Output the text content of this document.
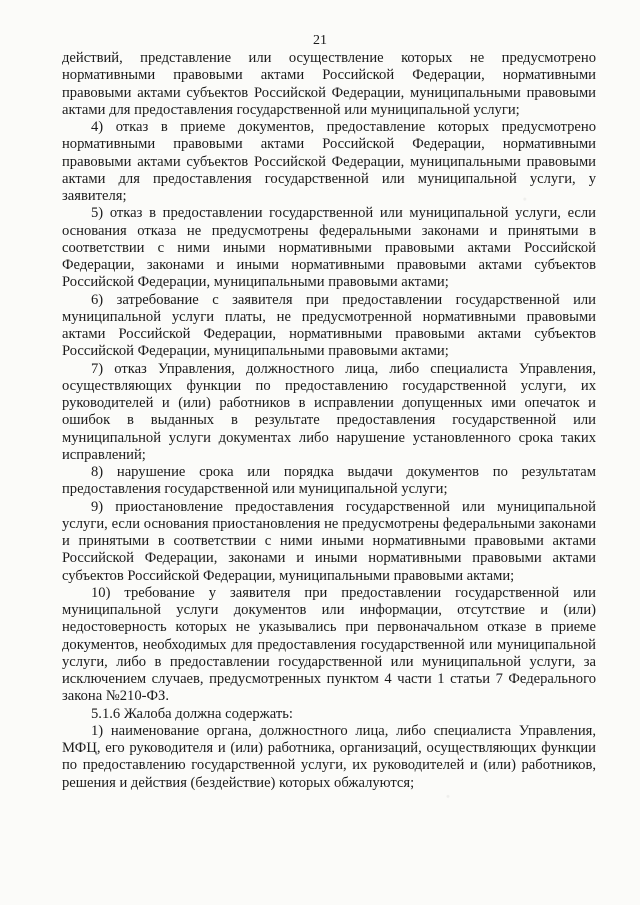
21

действий, представление или осуществление которых не предусмотрено нормативными правовыми актами Российской Федерации, нормативными правовыми актами субъектов Российской Федерации, муниципальными правовыми актами для предоставления государственной или муниципальной услуги;

4) отказ в приеме документов, предоставление которых предусмотрено нормативными правовыми актами Российской Федерации, нормативными правовыми актами субъектов Российской Федерации, муниципальными правовыми актами для предоставления государственной или муниципальной услуги, у заявителя;

5) отказ в предоставлении государственной или муниципальной услуги, если основания отказа не предусмотрены федеральными законами и принятыми в соответствии с ними иными нормативными правовыми актами Российской Федерации, законами и иными нормативными правовыми актами субъектов Российской Федерации, муниципальными правовыми актами;

6) затребование с заявителя при предоставлении государственной или муниципальной услуги платы, не предусмотренной нормативными правовыми актами Российской Федерации, нормативными правовыми актами субъектов Российской Федерации, муниципальными правовыми актами;

7) отказ Управления, должностного лица, либо специалиста Управления, осуществляющих функции по предоставлению государственной услуги, их руководителей и (или) работников в исправлении допущенных ими опечаток и ошибок в выданных в результате предоставления государственной или муниципальной услуги документах либо нарушение установленного срока таких исправлений;

8) нарушение срока или порядка выдачи документов по результатам предоставления государственной или муниципальной услуги;

9) приостановление предоставления государственной или муниципальной услуги, если основания приостановления не предусмотрены федеральными законами и принятыми в соответствии с ними иными нормативными правовыми актами Российской Федерации, законами и иными нормативными правовыми актами субъектов Российской Федерации, муниципальными правовыми актами;

10) требование у заявителя при предоставлении государственной или муниципальной услуги документов или информации, отсутствие и (или) недостоверность которых не указывались при первоначальном отказе в приеме документов, необходимых для предоставления государственной или муниципальной услуги, либо в предоставлении государственной или муниципальной услуги, за исключением случаев, предусмотренных пунктом 4 части 1 статьи 7 Федерального закона №210-ФЗ.

5.1.6 Жалоба должна содержать:

1) наименование органа, должностного лица, либо специалиста Управления, МФЦ, его руководителя и (или) работника, организаций, осуществляющих функции по предоставлению государственной услуги, их руководителей и (или) работников, решения и действия (бездействие) которых обжалуются;
